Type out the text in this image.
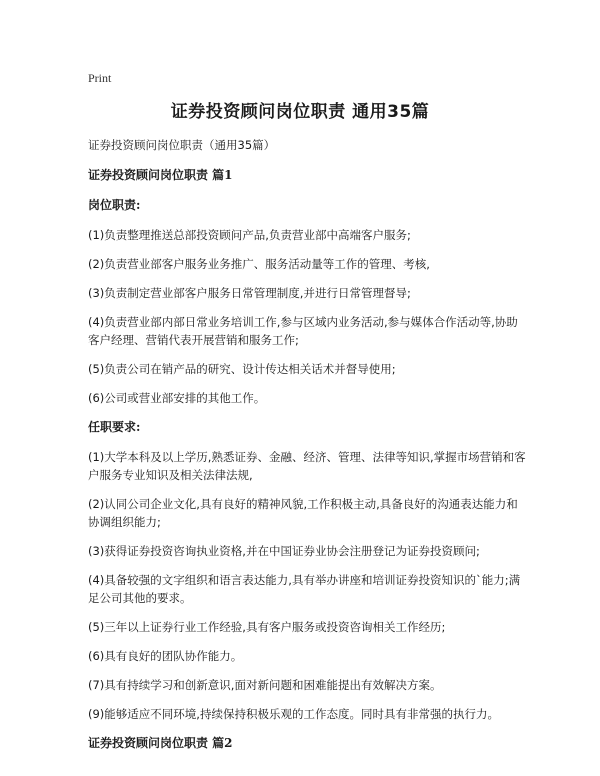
Print
证券投资顾问岗位职责 通用35篇

证券投资顾问岗位职责（通用35篇）

证券投资顾问岗位职责 篇1

岗位职责:

(1)负责整理推送总部投资顾问产品,负责营业部中高端客户服务;

(2)负责营业部客户服务业务推广、服务活动量等工作的管理、考核,

(3)负责制定营业部客户服务日常管理制度,并进行日常管理督导;

(4)负责营业部内部日常业务培训工作,参与区域内业务活动,参与媒体合作活动等,协助客户经理、营销代表开展营销和服务工作;

(5)负责公司在销产品的研究、设计传达相关话术并督导使用;

(6)公司或营业部安排的其他工作。

任职要求:

(1)大学本科及以上学历,熟悉证券、金融、经济、管理、法律等知识,掌握市场营销和客户服务专业知识及相关法律法规,

(2)认同公司企业文化,具有良好的精神风貌,工作积极主动,具备良好的沟通表达能力和协调组织能力;

(3)获得证券投资咨询执业资格,并在中国证券业协会注册登记为证券投资顾问;

(4)具备较强的文字组织和语言表达能力,具有举办讲座和培训证券投资知识的`能力;满足公司其他的要求。

(5)三年以上证券行业工作经验,具有客户服务或投资咨询相关工作经历;

(6)具有良好的团队协作能力。

(7)具有持续学习和创新意识,面对新问题和困难能提出有效解决方案。

(9)能够适应不同环境,持续保持积极乐观的工作态度。同时具有非常强的执行力。

证券投资顾问岗位职责 篇2
